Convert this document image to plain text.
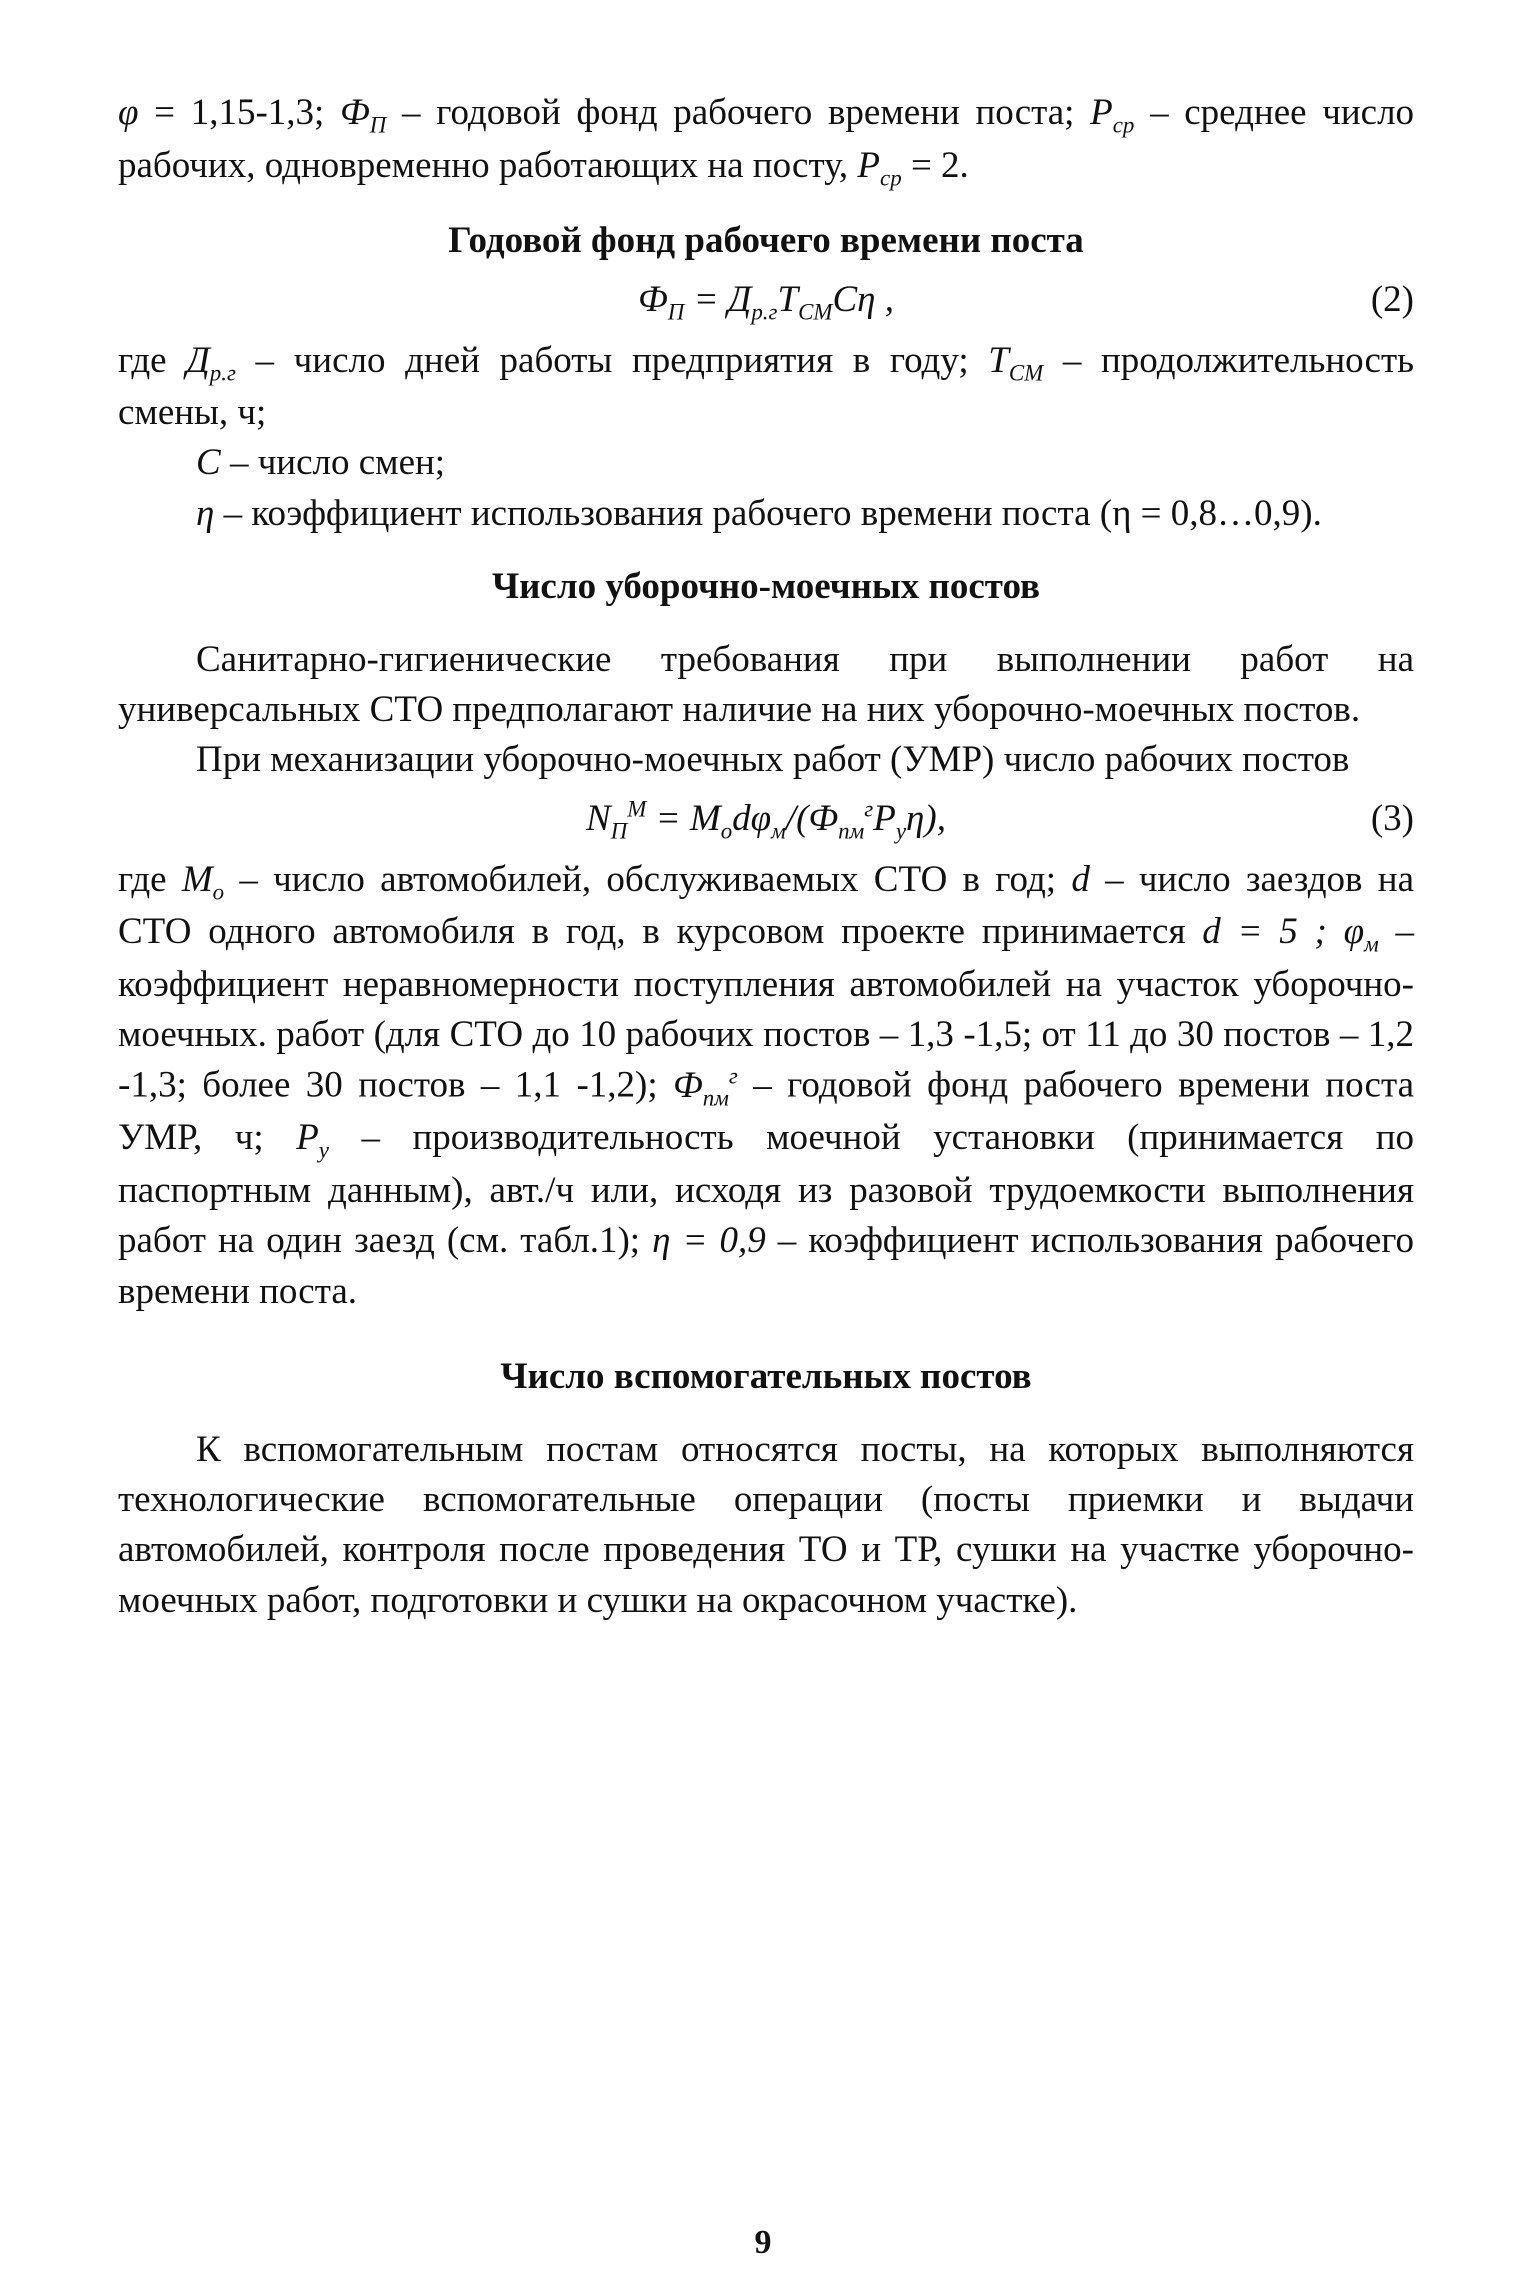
φ = 1,15-1,3; $Ф_П$ – годовой фонд рабочего времени поста; $Р_{ср}$ – среднее число рабочих, одновременно работающих на посту, $Р_{ср} = 2$.

Годовой фонд рабочего времени поста
$Ф_П = Д_{р.г}Т_{СМ}С\eta$ ,	(2)

где $Д_{р.г}$ – число дней работы предприятия в году; $Т_{СМ}$ – продолжительность смены, ч;

С – число смен;

η – коэффициент использования рабочего времени поста (η = 0,8…0,9).

Число уборочно-моечных постов

Санитарно-гигиенические требования при выполнении работ на универсальных СТО предполагают наличие на них уборочно-моечных постов.

При механизации уборочно-моечных работ (УМР) число рабочих постов

$N_П^М = М_оd\varphi_м/(Ф_{пм}^гР_у\eta)$,	(3)

где $М_о$ – число автомобилей, обслуживаемых СТО в год; d – число заездов на СТО одного автомобиля в год, в курсовом проекте принимается d = 5 ; $\varphi_м$ – коэффициент неравномерности поступления автомобилей на участок уборочно-моечных. работ (для СТО до 10 рабочих постов – 1,3 -1,5; от 11 до 30 постов – 1,2 -1,3; более 30 постов – 1,1 -1,2); $Ф_{пм}^г$ – годовой фонд рабочего времени поста УМР, ч; $Р_у$ – производительность моечной установки (принимается по паспортным данным), авт./ч или, исходя из разовой трудоемкости выполнения работ на один заезд (см. табл.1); η = 0,9 – коэффициент использования рабочего времени поста.

Число вспомогательных постов

К вспомогательным постам относятся посты, на которых выполняются технологические вспомогательные операции (посты приемки и выдачи автомобилей, контроля после проведения ТО и ТР, сушки на участке уборочно-моечных работ, подготовки и сушки на окрасочном участке).

9
